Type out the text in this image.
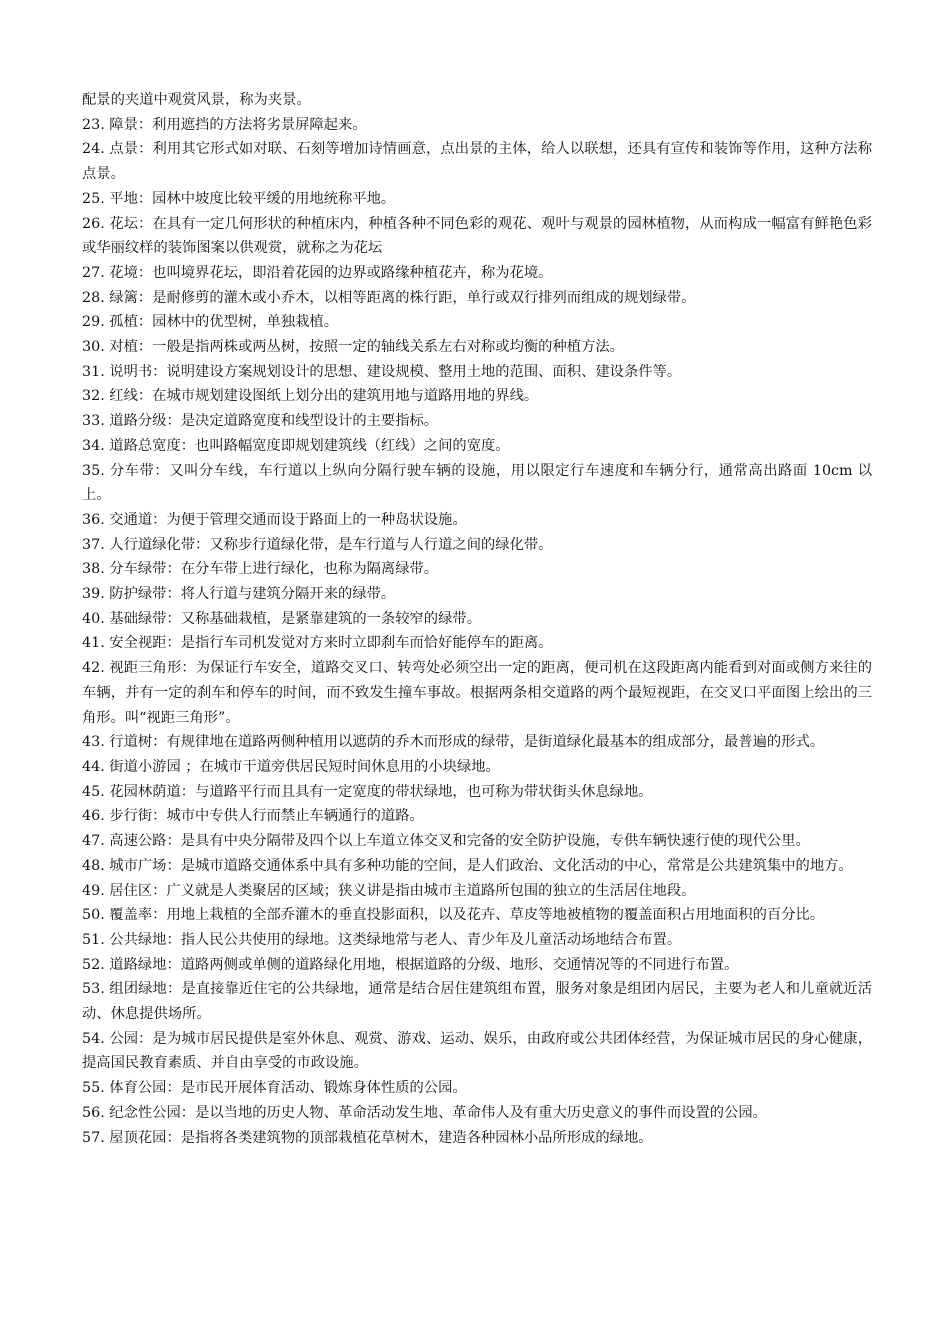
配景的夹道中观赏风景，称为夹景。

23. 障景：利用遮挡的方法将劣景屏障起来。

24. 点景：利用其它形式如对联、石刻等增加诗情画意，点出景的主体，给人以联想，还具有宣传和装饰等作用，这种方法称点景。

25. 平地：园林中坡度比较平缓的用地统称平地。

26. 花坛：在具有一定几何形状的种植床内，种植各种不同色彩的观花、观叶与观景的园林植物，从而构成一幅富有鲜艳色彩或华丽纹样的装饰图案以供观赏，就称之为花坛

27. 花境：也叫境界花坛，即沿着花园的边界或路缘种植花卉，称为花境。

28. 绿篱：是耐修剪的灌木或小乔木，以相等距离的株行距，单行或双行排列而组成的规划绿带。

29. 孤植：园林中的优型树，单独栽植。

30. 对植：一般是指两株或两丛树，按照一定的轴线关系左右对称或均衡的种植方法。

31. 说明书：说明建设方案规划设计的思想、建设规模、整用土地的范围、面积、建设条件等。

32. 红线：在城市规划建设图纸上划分出的建筑用地与道路用地的界线。

33. 道路分级：是决定道路宽度和线型设计的主要指标。

34. 道路总宽度：也叫路幅宽度即规划建筑线（红线）之间的宽度。

35. 分车带：又叫分车线，车行道以上纵向分隔行驶车辆的设施，用以限定行车速度和车辆分行，通常高出路面 10cm 以上。

36. 交通道：为便于管理交通而设于路面上的一种岛状设施。

37. 人行道绿化带：又称步行道绿化带，是车行道与人行道之间的绿化带。

38. 分车绿带：在分车带上进行绿化，也称为隔离绿带。

39. 防护绿带：将人行道与建筑分隔开来的绿带。

40. 基础绿带：又称基础栽植，是紧靠建筑的一条较窄的绿带。

41. 安全视距：是指行车司机发觉对方来时立即刹车而恰好能停车的距离。

42. 视距三角形：为保证行车安全，道路交叉口、转弯处必须空出一定的距离，便司机在这段距离内能看到对面或侧方来往的车辆，并有一定的刹车和停车的时间，而不致发生撞车事故。根据两条相交道路的两个最短视距，在交叉口平面图上绘出的三角形。叫“视距三角形”。

43. 行道树：有规律地在道路两侧种植用以遮荫的乔木而形成的绿带，是街道绿化最基本的组成部分，最普遍的形式。

44. 街道小游园 ；在城市干道旁供居民短时间休息用的小块绿地。

45. 花园林荫道：与道路平行而且具有一定宽度的带状绿地，也可称为带状街头休息绿地。

46. 步行街：城市中专供人行而禁止车辆通行的道路。

47. 高速公路：是具有中央分隔带及四个以上车道立体交叉和完备的安全防护设施，专供车辆快速行使的现代公里。

48. 城市广场：是城市道路交通体系中具有多种功能的空间，是人们政治、文化活动的中心，常常是公共建筑集中的地方。

49. 居住区：广义就是人类聚居的区域；狭义讲是指由城市主道路所包围的独立的生活居住地段。

50. 覆盖率：用地上栽植的全部乔灌木的垂直投影面积，以及花卉、草皮等地被植物的覆盖面积占用地面积的百分比。

51. 公共绿地：指人民公共使用的绿地。这类绿地常与老人、青少年及儿童活动场地结合布置。

52. 道路绿地：道路两侧或单侧的道路绿化用地，根据道路的分级、地形、交通情况等的不同进行布置。

53. 组团绿地：是直接靠近住宅的公共绿地，通常是结合居住建筑组布置，服务对象是组团内居民，主要为老人和儿童就近活动、休息提供场所。

54. 公园：是为城市居民提供是室外休息、观赏、游戏、运动、娱乐，由政府或公共团体经营，为保证城市居民的身心健康，提高国民教育素质、并自由享受的市政设施。

55. 体育公园：是市民开展体育活动、锻炼身体性质的公园。

56. 纪念性公园：是以当地的历史人物、革命活动发生地、革命伟人及有重大历史意义的事件而设置的公园。

57. 屋顶花园：是指将各类建筑物的顶部栽植花草树木，建造各种园林小品所形成的绿地。
